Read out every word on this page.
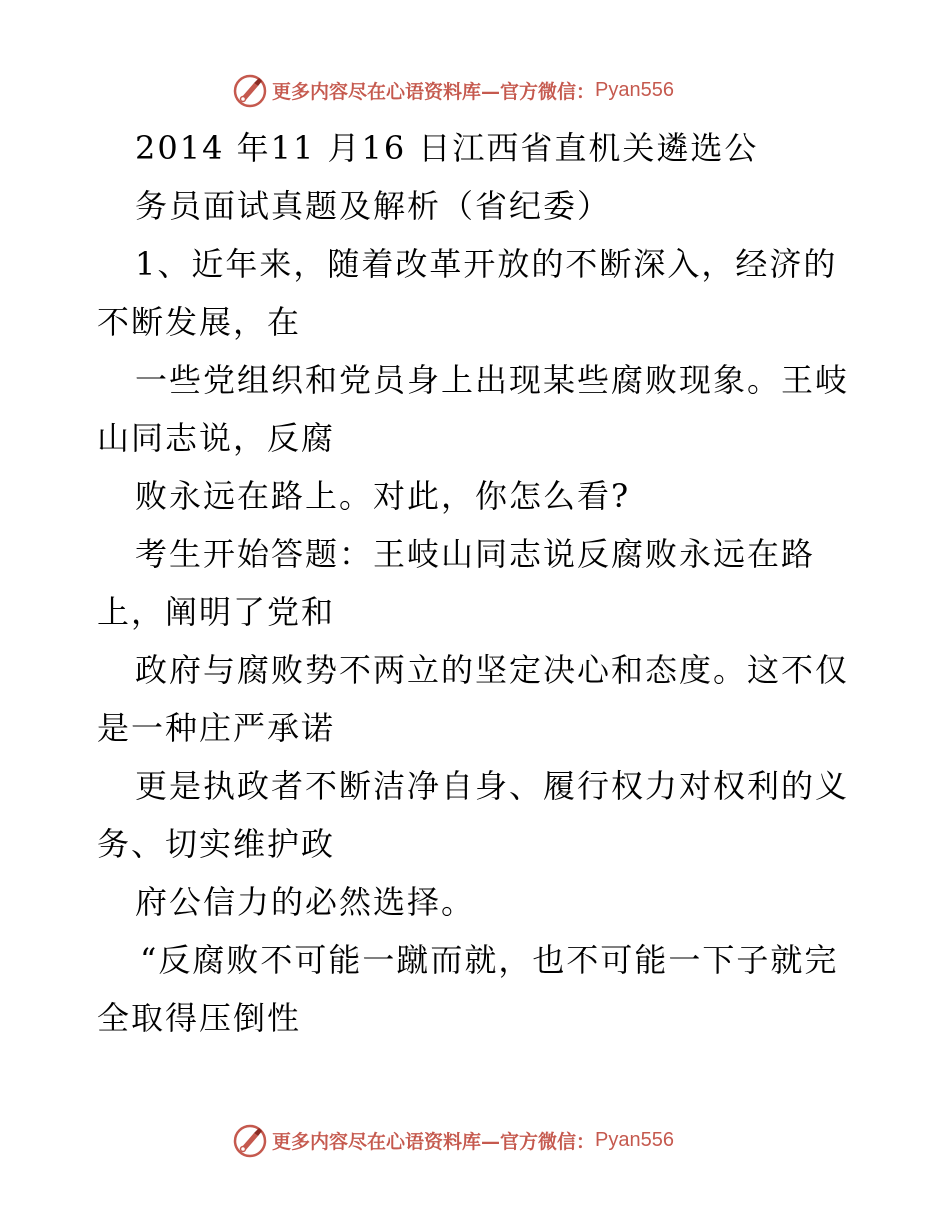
更多内容尽在心语资料库—官方微信： Pyan556
2014 年11 月16 日江西省直机关遴选公
务员面试真题及解析（省纪委）
1、近年来，随着改革开放的不断深入，经济的
不断发展，在
一些党组织和党员身上出现某些腐败现象。王岐
山同志说，反腐
败永远在路上。对此，你怎么看?
考生开始答题：王岐山同志说反腐败永远在路
上，阐明了党和
政府与腐败势不两立的坚定决心和态度。这不仅
是一种庄严承诺
更是执政者不断洁净自身、履行权力对权利的义
务、切实维护政
府公信力的必然选择。
“反腐败不可能一蹴而就，也不可能一下子就完
全取得压倒性
更多内容尽在心语资料库—官方微信： Pyan556
